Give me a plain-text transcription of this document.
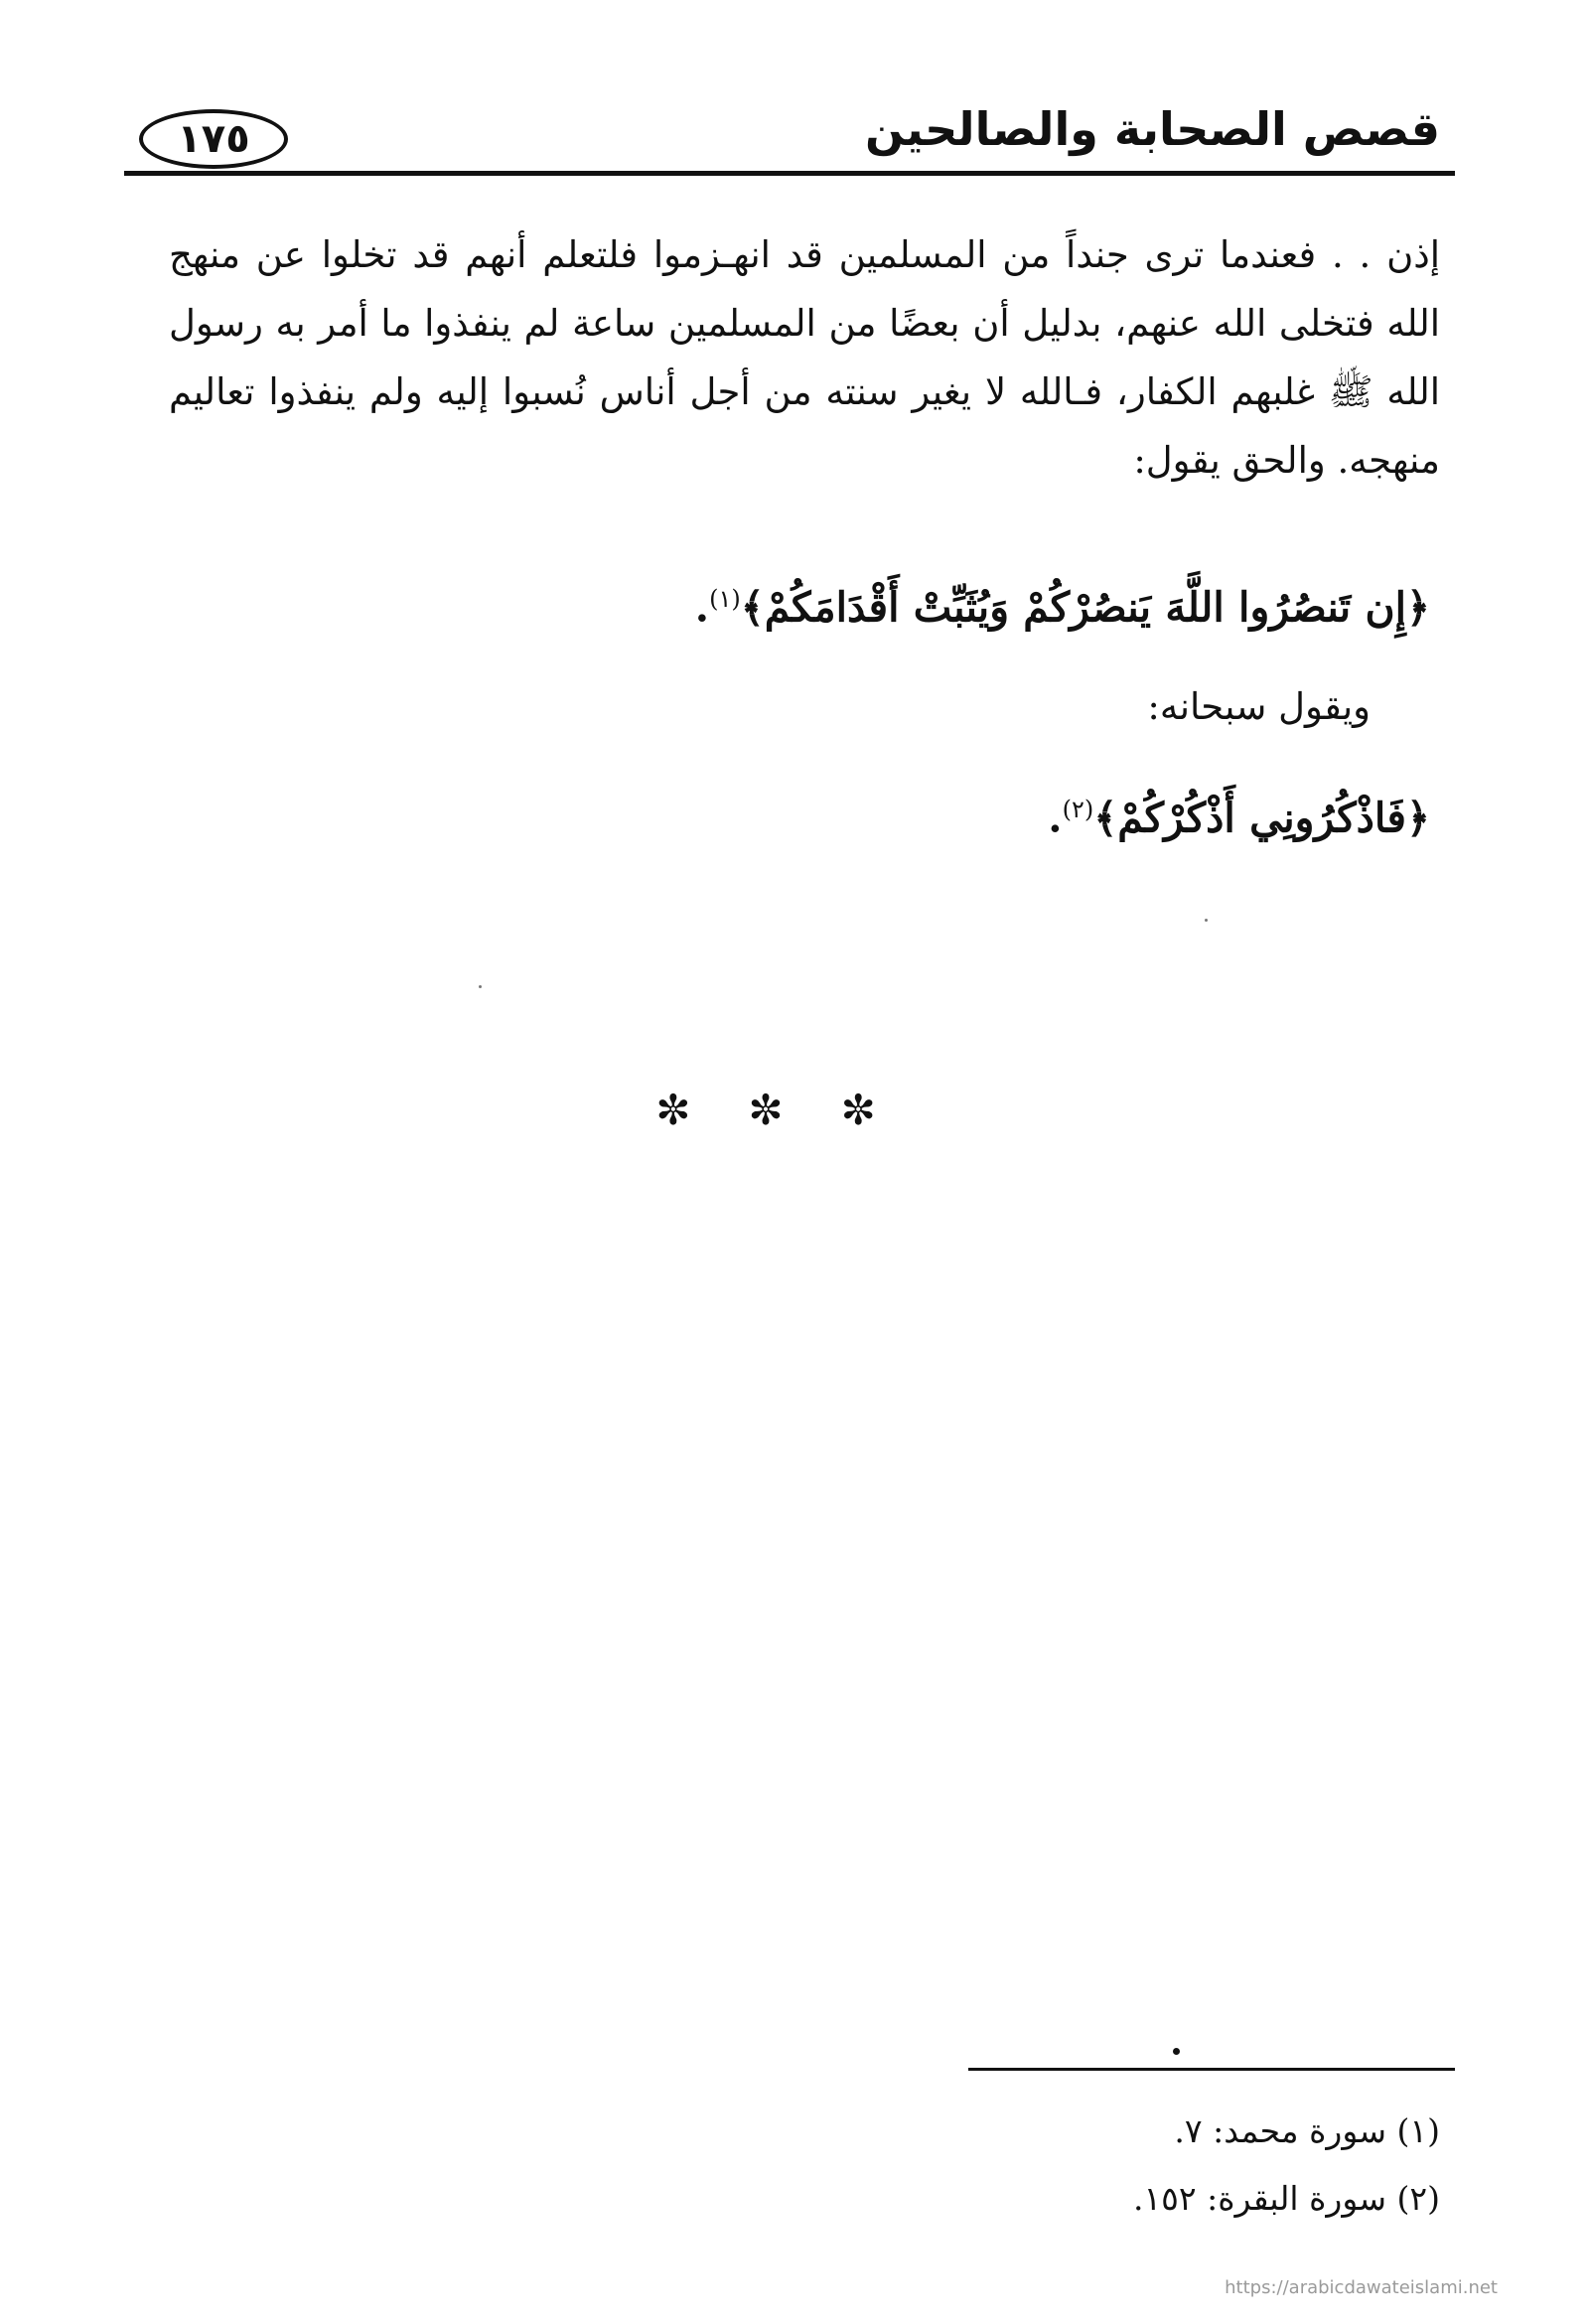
قصص الصحابة والصالحين
١٧٥

إذن . . فعندما ترى جنداً من المسلمين قد انهـزموا فلتعلم أنهم قد تخلوا عن منهج الله فتخلى الله عنهم، بدليل أن بعضًا من المسلمين ساعة لم ينفذوا ما أمر به رسول الله ﷺ غلبهم الكفار، فـالله لا يغير سنته من أجل أناس نُسبوا إليه ولم ينفذوا تعاليم منهجه. والحق يقول:

﴿إِن تَنصُرُوا اللَّهَ يَنصُرْكُمْ وَيُثَبِّتْ أَقْدَامَكُمْ﴾$^{(١)}$.
ويقول سبحانه:
﴿فَاذْكُرُونِي أَذْكُرْكُمْ﴾$^{(٢)}$.
✼✼✼
(١) سورة محمد: ٧.
(٢) سورة البقرة: ١٥٢.
https://arabicdawateislami.net
